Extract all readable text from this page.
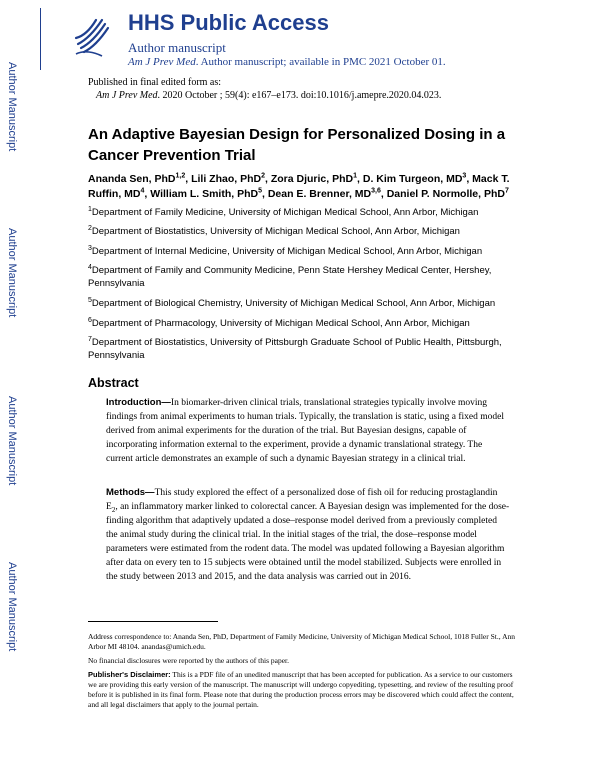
Author Manuscript
Author Manuscript
Author Manuscript
Author Manuscript
HHS Public Access
Author manuscript
Am J Prev Med. Author manuscript; available in PMC 2021 October 01.
Published in final edited form as:
Am J Prev Med. 2020 October ; 59(4): e167–e173. doi:10.1016/j.amepre.2020.04.023.
An Adaptive Bayesian Design for Personalized Dosing in a Cancer Prevention Trial
Ananda Sen, PhD$^{1,2}$, Lili Zhao, PhD$^2$, Zora Djuric, PhD$^1$, D. Kim Turgeon, $MD^3$, Mack T. Ruffin, $MD^4$, William L. Smith, PhD$^5$, Dean E. Brenner, MD$^{3,6}$, Daniel P. Normolle, PhD$^7$
$^1$Department of Family Medicine, University of Michigan Medical School, Ann Arbor, Michigan
$^2$Department of Biostatistics, University of Michigan Medical School, Ann Arbor, Michigan
$^3$Department of Internal Medicine, University of Michigan Medical School, Ann Arbor, Michigan
$^4$Department of Family and Community Medicine, Penn State Hershey Medical Center, Hershey, Pennsylvania
$^5$Department of Biological Chemistry, University of Michigan Medical School, Ann Arbor, Michigan
$^6$Department of Pharmacology, University of Michigan Medical School, Ann Arbor, Michigan
$^7$Department of Biostatistics, University of Pittsburgh Graduate School of Public Health, Pittsburgh, Pennsylvania
Abstract
Introduction—In biomarker-driven clinical trials, translational strategies typically involve moving findings from animal experiments to human trials. Typically, the translation is static, using a fixed model derived from animal experiments for the duration of the trial. But Bayesian designs, capable of incorporating information external to the experiment, provide a dynamic translational strategy. The current article demonstrates an example of such a dynamic Bayesian strategy in a clinical trial.
Methods—This study explored the effect of a personalized dose of fish oil for reducing prostaglandin $E_2$, an inflammatory marker linked to colorectal cancer. A Bayesian design was implemented for the dose-finding algorithm that adaptively updated a dose–response model derived from a previously completed the animal study during the clinical trial. In the initial stages of the trial, the dose–response model parameters were estimated from the rodent data. The model was updated following a Bayesian algorithm after data on every ten to 15 subjects were obtained until the model stabilized. Subjects were enrolled in the study between 2013 and 2015, and the data analysis was carried out in 2016.
Address correspondence to: Ananda Sen, PhD, Department of Family Medicine, University of Michigan Medical School, 1018 Fuller St., Ann Arbor MI 48104. anandas@umich.edu.
No financial disclosures were reported by the authors of this paper.
Publisher's Disclaimer: This is a PDF file of an unedited manuscript that has been accepted for publication. As a service to our customers we are providing this early version of the manuscript. The manuscript will undergo copyediting, typesetting, and review of the resulting proof before it is published in its final form. Please note that during the production process errors may be discovered which could affect the content, and all legal disclaimers that apply to the journal pertain.
